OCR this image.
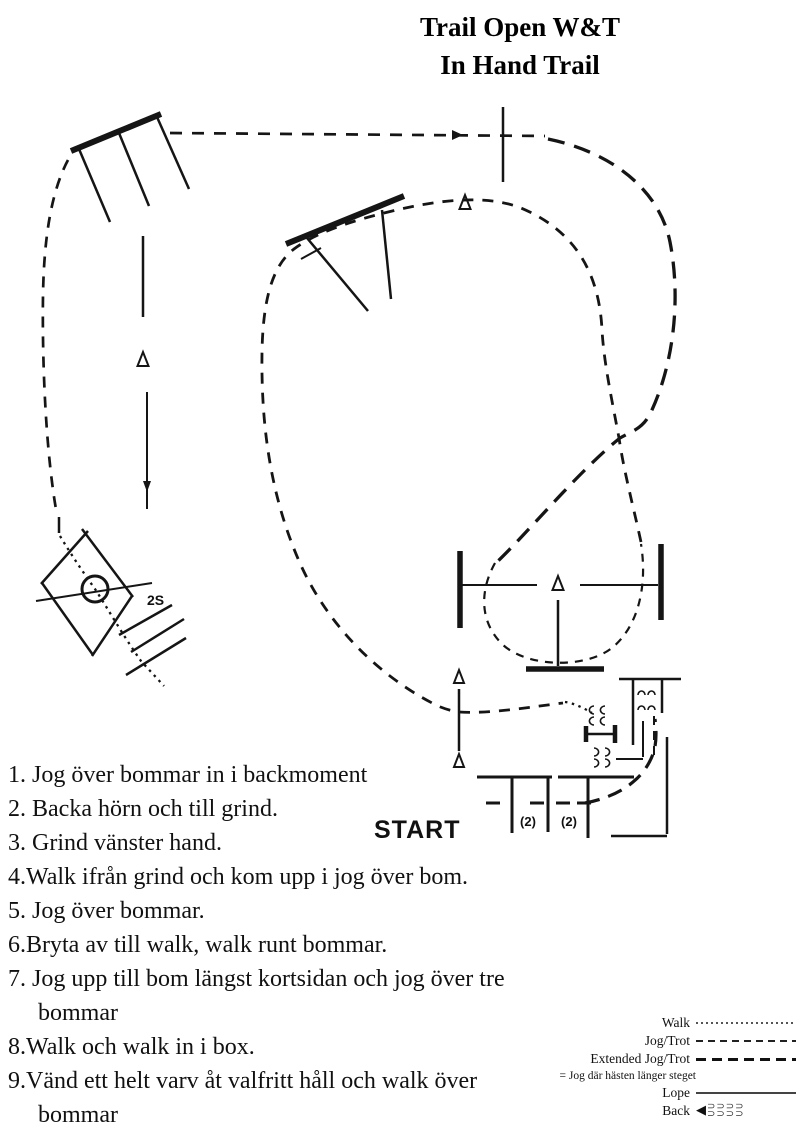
Trail Open W&T
In Hand Trail
2S
(2) (2)
START
1. Jog över bommar in i backmoment
2. Backa hörn och till grind.
3. Grind vänster hand.
4.Walk ifrån grind och kom upp i jog över bom.
5. Jog över bommar.
6.Bryta av till walk, walk runt bommar.
7. Jog upp till bom längst kortsidan och jog över tre
bommar
8.Walk och walk in i box.
9.Vänd ett helt varv åt valfritt håll och walk över
bommar
Walk
Jog/Trot
Extended Jog/Trot
= Jog där hästen länger steget
Lope
Back ◀ ⊃⊃⊃⊃
⊃⊃⊃⊃
